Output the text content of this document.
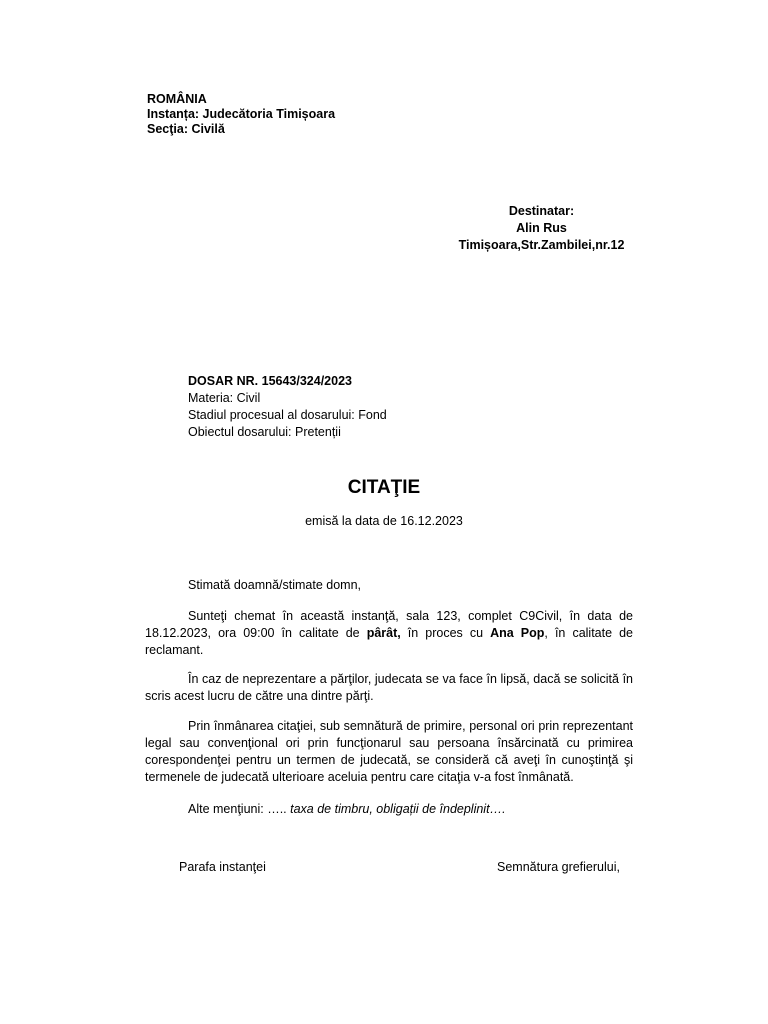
ROMÂNIA
Instanța: Judecătoria Timișoara
Secţia: Civilă
Destinatar:
Alin Rus
Timișoara,Str.Zambilei,nr.12
DOSAR NR. 15643/324/2023
Materia: Civil
Stadiul procesual al dosarului: Fond
Obiectul dosarului: Pretenții
CITAŢIE
emisă la data de 16.12.2023
Stimată doamnă/stimate domn,
Sunteţi chemat în această instanţă, sala 123, complet C9Civil, în data de 18.12.2023, ora 09:00 în calitate de pârât, în proces cu Ana Pop, în calitate de reclamant.
În caz de neprezentare a părţilor, judecata se va face în lipsă, dacă se solicită în scris acest lucru de către una dintre părţi.
Prin înmânarea citaţiei, sub semnătură de primire, personal ori prin reprezentant legal sau convenţional ori prin funcţionarul sau persoana însărcinată cu primirea corespondenţei pentru un termen de judecată, se consideră că aveţi în cunoştinţă şi termenele de judecată ulterioare aceluia pentru care citaţia v-a fost înmânată.
Alte menţiuni: ….. taxa de timbru, obligații de îndeplinit….
Parafa instanţei	Semnătura grefierului,
